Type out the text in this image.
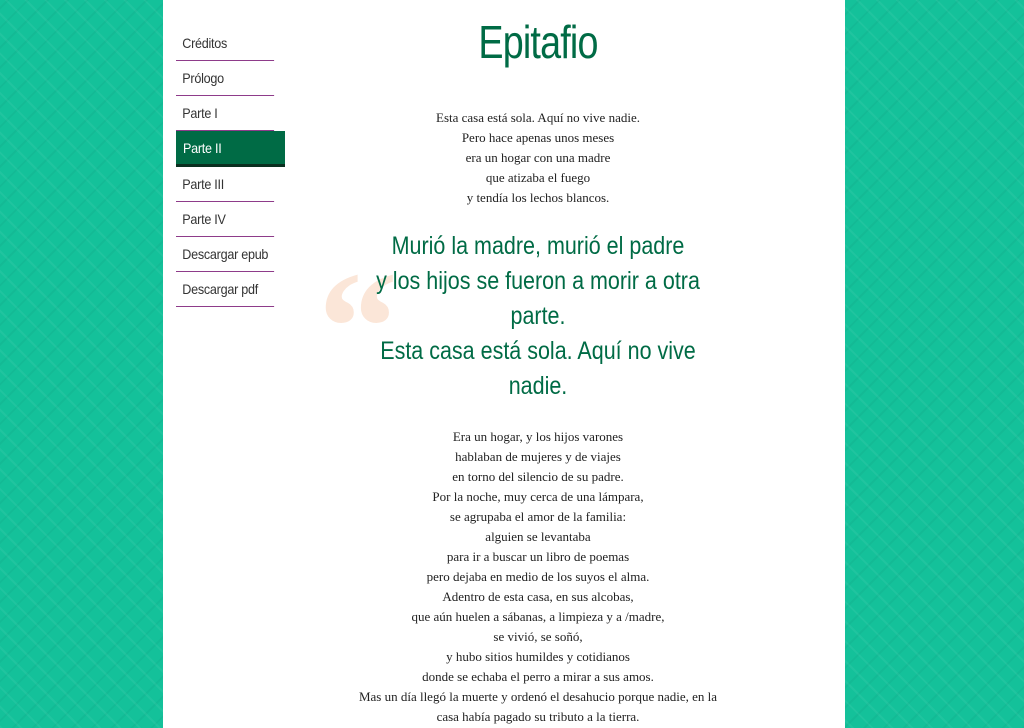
Créditos
Prólogo
Parte I
Parte II
Parte III
Parte IV
Descargar epub
Descargar pdf
Epitafio
Esta casa está sola. Aquí no vive nadie.
Pero hace apenas unos meses
era un hogar con una madre
que atizaba el fuego
y tendía los lechos blancos.
“
Murió la madre, murió el padre
y los hijos se fueron a morir a otra
parte.
Esta casa está sola. Aquí no vive
nadie.
Era un hogar, y los hijos varones
hablaban de mujeres y de viajes
en torno del silencio de su padre.
Por la noche, muy cerca de una lámpara,
se agrupaba el amor de la familia:
alguien se levantaba
para ir a buscar un libro de poemas
pero dejaba en medio de los suyos el alma.
Adentro de esta casa, en sus alcobas,
que aún huelen a sábanas, a limpieza y a /madre,
se vivió, se soñó,
y hubo sitios humildes y cotidianos
donde se echaba el perro a mirar a sus amos.
Mas un día llegó la muerte y ordenó el desahucio porque nadie, en la
casa había pagado su tributo a la tierra.
